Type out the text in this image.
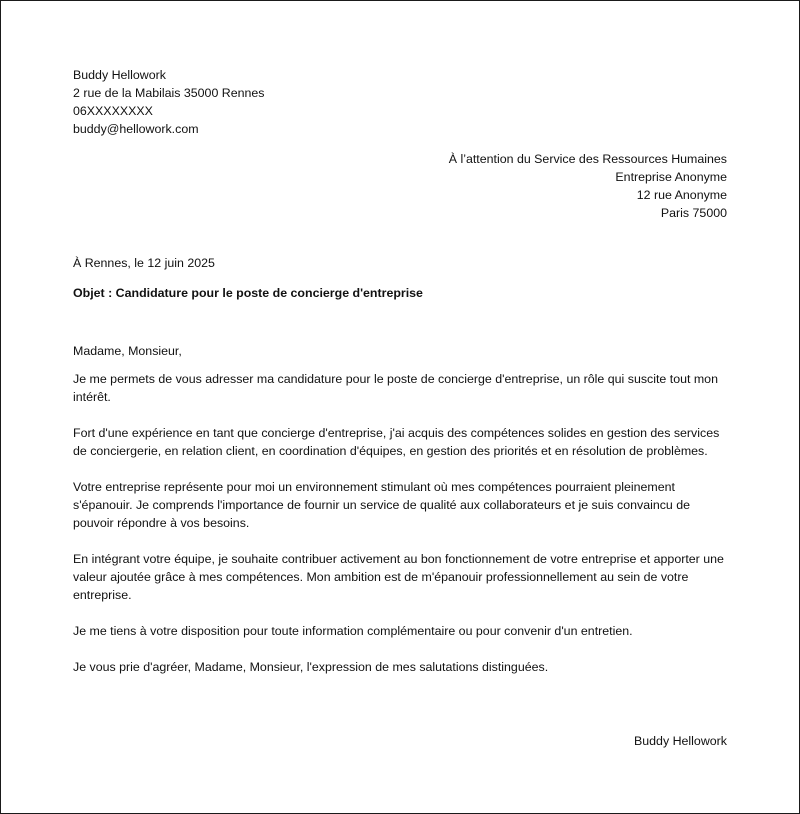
Buddy Hellowork
2 rue de la Mabilais 35000 Rennes
06XXXXXXXX
buddy@hellowork.com
À l’attention du Service des Ressources Humaines
Entreprise Anonyme
12 rue Anonyme
Paris 75000
À Rennes, le 12 juin 2025
Objet : Candidature pour le poste de concierge d'entreprise

Madame, Monsieur,

Je me permets de vous adresser ma candidature pour le poste de concierge d'entreprise, un rôle qui suscite tout mon intérêt.

Fort d'une expérience en tant que concierge d'entreprise, j'ai acquis des compétences solides en gestion des services de conciergerie, en relation client, en coordination d'équipes, en gestion des priorités et en résolution de problèmes.

Votre entreprise représente pour moi un environnement stimulant où mes compétences pourraient pleinement s'épanouir. Je comprends l'importance de fournir un service de qualité aux collaborateurs et je suis convaincu de pouvoir répondre à vos besoins.

En intégrant votre équipe, je souhaite contribuer activement au bon fonctionnement de votre entreprise et apporter une valeur ajoutée grâce à mes compétences. Mon ambition est de m'épanouir professionnellement au sein de votre entreprise.

Je me tiens à votre disposition pour toute information complémentaire ou pour convenir d'un entretien.

Je vous prie d'agréer, Madame, Monsieur, l'expression de mes salutations distinguées.

Buddy Hellowork
